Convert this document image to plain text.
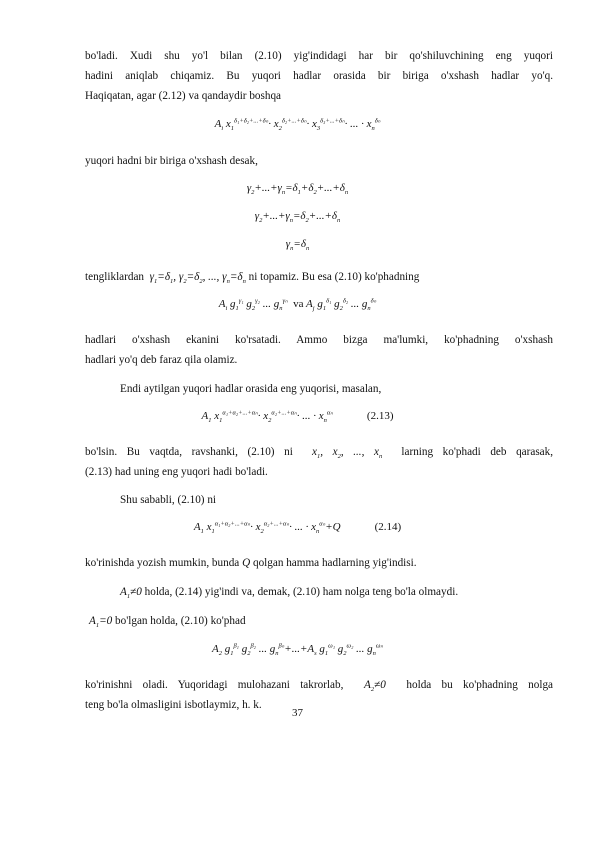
bo'ladi. Xudi shu yo'l bilan (2.10) yig'indidagi har bir qo'shiluvchining eng yuqori
hadini aniqlab chiqamiz. Bu yuqori hadlar orasida bir biriga o'xshash hadlar yo'q.
Haqiqatan, agar (2.12) va qandaydir boshqa
$A_i$ $x_1^{\delta_1+\delta_2+...+\delta_n}\cdot x_2^{\delta_2+...+\delta_n}\cdot x_3^{\delta_3+...+\delta_n}\cdot$ ... · $x_n^{\delta_n}$
yuqori hadni bir biriga o'xshash desak,
$\gamma_2+...+\gamma_n=\delta_1+\delta_2+...+\delta_n$
$\gamma_2+...+\gamma_n=\delta_2+...+\delta_n$
$\gamma_n=\delta_n$
tengliklardan $\gamma_1=\delta_1$, $\gamma_2=\delta_2$, ..., $\gamma_n=\delta_n$ ni topamiz. Bu esa (2.10) ko'phadning
$A_i$ $g_1^{\gamma_1}$ $g_2^{\gamma_2}$ ... $g_n^{\gamma_n}$ va $A_j$ $g_1^{\delta_1}$ $g_2^{\delta_2}$ ... $g_n^{\delta_n}$
hadlari o'xshash ekanini ko'rsatadi. Ammo bizga ma'lumki, ko'phadning o'xshash
hadlari yo'q deb faraz qila olamiz.
Endi aytilgan yuqori hadlar orasida eng yuqorisi, masalan,
$A_1$ $x_1^{\alpha_1+\alpha_2+...+\alpha_n}\cdot x_2^{\alpha_2+...+\alpha_n}\cdot$ ... · $x_n^{\alpha_n}$	(2.13)
bo'lsin. Bu vaqtda, ravshanki, (2.10) ni $x_1$, $x_2$, ..., $x_n$ larning ko'phadi deb qarasak,
(2.13) had uning eng yuqori hadi bo'ladi.
Shu sababli, (2.10) ni
$A_1$ $x_1^{\alpha_1+\alpha_2+...+\alpha_n}\cdot x_2^{\alpha_2+...+\alpha_n}\cdot$ ... · $x_n^{\alpha_n}+Q$	(2.14)
ko'rinishda yozish mumkin, bunda Q qolgan hamma hadlarning yig'indisi.
$A_1\ne 0$ holda, (2.14) yig'indi va, demak, (2.10) ham nolga teng bo'la olmaydi.
$A_1=0$ bo'lgan holda, (2.10) ko'phad
$A_2$ $g_1^{\beta_1}$ $g_2^{\beta_2}$ ... $g_n^{\beta_n}+...+A_s$ $g_1^{\omega_1}$ $g_2^{\omega_2}$ ... $g_n^{\omega_n}$
ko'rinishni oladi. Yuqoridagi mulohazani takrorlab, $A_2\ne 0$ holda bu ko'phadning nolga
teng bo'la olmasligini isbotlaymiz, h. k.
37
